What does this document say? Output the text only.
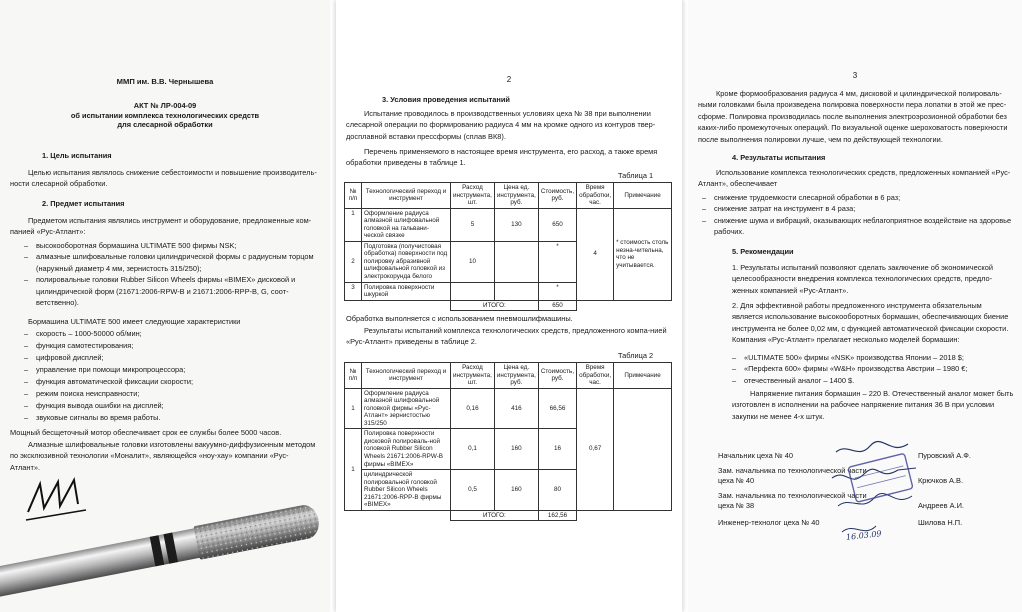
ММП им. В.В. Чернышева
АКТ № ЛР-004-09
об испытании комплекса технологических средств
для слесарной обработки
1. Цель испытания

Целью испытания являлось снижение себестоимости и повышение производитель-ности слесарной обработки.

2. Предмет испытания

Предметом испытания являлись инструмент и оборудование, предложенные ком-панией «Рус-Атлант»:

– высокооборотная бормашина ULTIMATE 500 фирмы NSK;
– алмазные шлифовальные головки цилиндрической формы с радиусным торцом (наружный диаметр 4 мм, зернистость 315/250);
– полировальные головки Rubber Silicon Wheels фирмы «BIMEX» дисковой и цилиндрической форм (21671:2006-RPW-B и 21671:2006-RPP-B, G, соот-ветственно).

Бормашина ULTIMATE 500 имеет следующие характеристики

– скорость – 1000-50000 об/мин;
– функция самотестирования;
– цифровой дисплей;
– управление при помощи микропроцессора;
– функция автоматической фиксации скорости;
– режим поиска неисправности;
– функция вывода ошибки на дисплей;
– звуковые сигналы во время работы.

Мощный бесщеточный мотор обеспечивает срок ее службы более 5000 часов.

Алмазные шлифовальные головки изготовлены вакуумно-диффузионным методом по эксклюзивной технологии «Моналит», являющейся «ноу-хау» компании «Рус-Атлант».

2
3. Условия проведения испытаний

Испытание проводилось в производственных условиях цеха № 38 при выполнении слесарной операции по формированию радиуса 4 мм на кромке одного из контуров твер-досплавной вставки прессформы (сплав ВК8).

Перечень применяемого в настоящее время инструмента, его расход, а также время обработки приведены в таблице 1.

Таблица 1
№ п/п	Технологический переход и инструмент	Расход инструмента, шт.	Цена ед. инструмента, руб.	Стоимость, руб.	Время обработки, час.	Примечание
1	Оформление радиуса алмазной шлифовальной головкой на гальвани-ческой связке	5	130	650	4	* стоимость столь незна-чительна, что не учитывается.
2	Подготовка (получистовая обработка) поверхности под полировку абразивной шлифовальной головкой из электрокорунда белого	10		*		
3	Полировка поверхности шкуркой			*		
		ИТОГО:		650		

Обработка выполняется с использованием пневмошлифмашины.

Результаты испытаний комплекса технологических средств, предложенного компа-нией «Рус-Атлант» приведены в таблице 2.

Таблица 2
№ п/п	Технологический переход и инструмент	Расход инструмента, шт.	Цена ед. инструмента, руб.	Стоимость, руб.	Время обработки, час.	Примечание
1	Оформление радиуса алмазной шлифовальной головкой фирмы «Рус-Атлант» зернистостью 315/250	0,16	416	66,56	0,67	
1	Полировка поверхности дисковой полироваль-ной головкой Rubber Silicon Wheels 21671:2006-RPW-B фирмы «BIMEX»	0,1	160	16		
	цилиндрической полировальной головкой Rubber Silicon Wheels 21671:2006-RPP-B фирмы «BIMEX»	0,5	160	80		
		ИТОГО:		162,56		
3

Кроме формообразования радиуса 4 мм, дисковой и цилиндрической полироваль-ными головками была произведена полировка поверхности пера лопатки в этой же прес-сформе. Полировка производилась после выполнения электроэрозионной обработки без каких-либо промежуточных операций. По визуальной оценке шероховатость поверхности после выполнения полировки лучше, чем по действующей технологии.

4. Результаты испытания

Использование комплекса технологических средств, предложенных компанией «Рус-Атлант», обеспечивает

– снижение трудоемкости слесарной обработки в 6 раз;
– снижение затрат на инструмент в 4 раза;
– снижение шума и вибраций, оказывающих неблагоприятное воздействие на здоровье рабочих.
5. Рекомендации

1. Результаты испытаний позволяют сделать заключение об экономической целесообразности внедрения комплекса технологических средств, предло-женных компанией «Рус-Атлант».

2. Для эффективной работы предложенного инструмента обязательным является использование высокооборотных бормашин, обеспечивающих биение инструмента не более 0,02 мм, с функцией автоматической фиксации скорости. Компания «Рус-Атлант» прелагает несколько моделей бормашин:

– «ULTIMATE 500» фирмы «NSK» производства Японии – 2018 $;
– «Перфекта 600» фирмы «W&H» производства Австрии – 1980 €;
– отечественный аналог – 1400 $.

Напряжение питания бормашин – 220 В. Отечественный аналог может быть изготовлен в исполнении на рабочее напряжение питания 36 В при условии закупки не менее 4-х штук.

Начальник цеха № 40	Пуровский А.Ф.
Зам. начальника по технологической части цеха № 40	Крючков А.В.
Зам. начальника по технологической части цеха № 38	Андреев А.И.
Инженер-технолог цеха № 40	Шилова Н.П.
16.03.09
